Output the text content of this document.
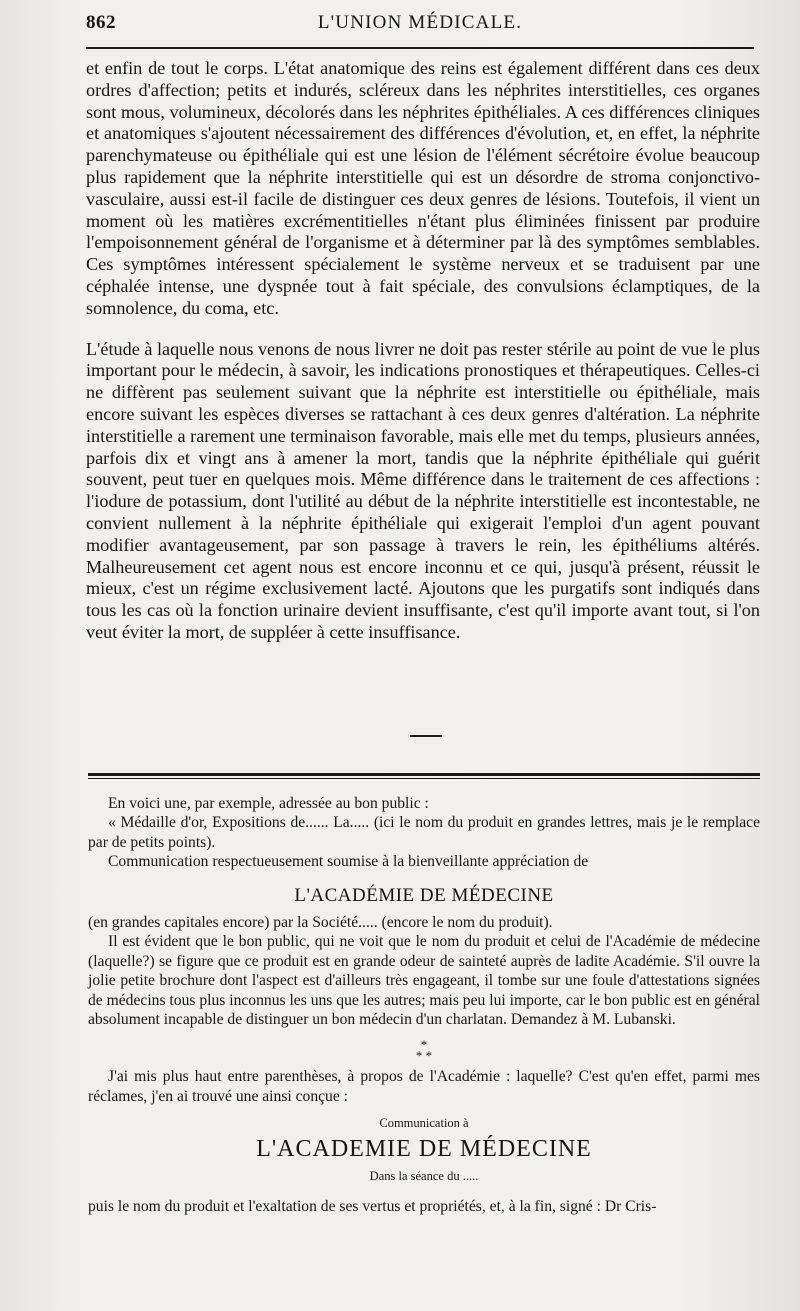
862	L'UNION MÉDICALE.

et enfin de tout le corps. L'état anatomique des reins est également différent dans ces deux ordres d'affection; petits et indurés, scléreux dans les néphrites interstitielles, ces organes sont mous, volumineux, décolorés dans les néphrites épithéliales. A ces différences cliniques et anatomiques s'ajoutent nécessairement des différences d'évolution, et, en effet, la néphrite parenchymateuse ou épithéliale qui est une lésion de l'élément sécrétoire évolue beaucoup plus rapidement que la néphrite interstitielle qui est un désordre de stroma conjonctivo-vasculaire, aussi est-il facile de distinguer ces deux genres de lésions. Toutefois, il vient un moment où les matières excrémentitielles n'étant plus éliminées finissent par produire l'empoisonnement général de l'organisme et à déterminer par là des symptômes semblables. Ces symptômes intéressent spécialement le système nerveux et se traduisent par une céphalée intense, une dyspnée tout à fait spéciale, des convulsions éclamptiques, de la somnolence, du coma, etc.

L'étude à laquelle nous venons de nous livrer ne doit pas rester stérile au point de vue le plus important pour le médecin, à savoir, les indications pronostiques et thérapeutiques. Celles-ci ne diffèrent pas seulement suivant que la néphrite est interstitielle ou épithéliale, mais encore suivant les espèces diverses se rattachant à ces deux genres d'altération. La néphrite interstitielle a rarement une terminaison favorable, mais elle met du temps, plusieurs années, parfois dix et vingt ans à amener la mort, tandis que la néphrite épithéliale qui guérit souvent, peut tuer en quelques mois. Même différence dans le traitement de ces affections : l'iodure de potassium, dont l'utilité au début de la néphrite interstitielle est incontestable, ne convient nullement à la néphrite épithéliale qui exigerait l'emploi d'un agent pouvant modifier avantageusement, par son passage à travers le rein, les épithéliums altérés. Malheureusement cet agent nous est encore inconnu et ce qui, jusqu'à présent, réussit le mieux, c'est un régime exclusivement lacté. Ajoutons que les purgatifs sont indiqués dans tous les cas où la fonction urinaire devient insuffisante, c'est qu'il importe avant tout, si l'on veut éviter la mort, de suppléer à cette insuffisance.

En voici une, par exemple, adressée au bon public :

« Médaille d'or, Expositions de...... La..... (ici le nom du produit en grandes lettres, mais je le remplace par de petits points).

Communication respectueusement soumise à la bienveillante appréciation de

L'ACADÉMIE DE MÉDECINE

(en grandes capitales encore) par la Société..... (encore le nom du produit).

Il est évident que le bon public, qui ne voit que le nom du produit et celui de l'Académie de médecine (laquelle?) se figure que ce produit est en grande odeur de sainteté auprès de ladite Académie. S'il ouvre la jolie petite brochure dont l'aspect est d'ailleurs très engageant, il tombe sur une foule d'attestations signées de médecins tous plus inconnus les uns que les autres; mais peu lui importe, car le bon public est en général absolument incapable de distinguer un bon médecin d'un charlatan. Demandez à M. Lubanski.

*
* *

J'ai mis plus haut entre parenthèses, à propos de l'Académie : laquelle? C'est qu'en effet, parmi mes réclames, j'en ai trouvé une ainsi conçue :

Communication à
L'ACADEMIE DE MÉDECINE
Dans la séance du .....

puis le nom du produit et l'exaltation de ses vertus et propriétés, et, à la fin, signé : Dr Cris-
